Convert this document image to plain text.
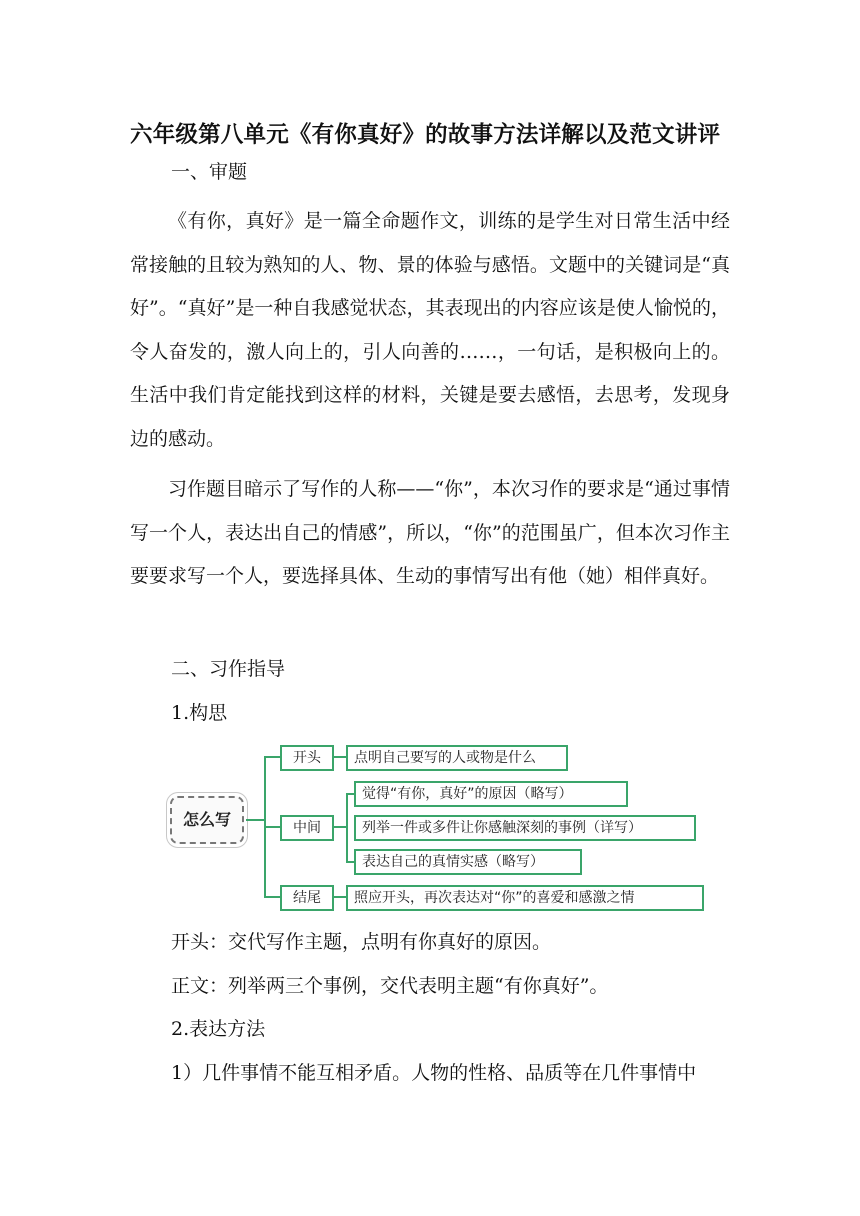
六年级第八单元《有你真好》的故事方法详解以及范文讲评
一、审题
《有你，真好》是一篇全命题作文，训练的是学生对日常生活中经常接触的且较为熟知的人、物、景的体验与感悟。文题中的关键词是“真好”。“真好”是一种自我感觉状态，其表现出的内容应该是使人愉悦的，令人奋发的，激人向上的，引人向善的……，一句话，是积极向上的。生活中我们肯定能找到这样的材料，关键是要去感悟，去思考，发现身边的感动。
习作题目暗示了写作的人称——“你”，本次习作的要求是“通过事情写一个人，表达出自己的情感”，所以，“你”的范围虽广，但本次习作主要要求写一个人，要选择具体、生动的事情写出有他（她）相伴真好。
二、习作指导
1.构思
怎么写
开头
中间
结尾
点明自己要写的人或物是什么
觉得“有你，真好”的原因（略写）
列举一件或多件让你感触深刻的事例（详写）
表达自己的真情实感（略写）
照应开头，再次表达对“你”的喜爱和感激之情
开头：交代写作主题，点明有你真好的原因。
正文：列举两三个事例，交代表明主题“有你真好”。
2.表达方法
1）几件事情不能互相矛盾。人物的性格、品质等在几件事情中
